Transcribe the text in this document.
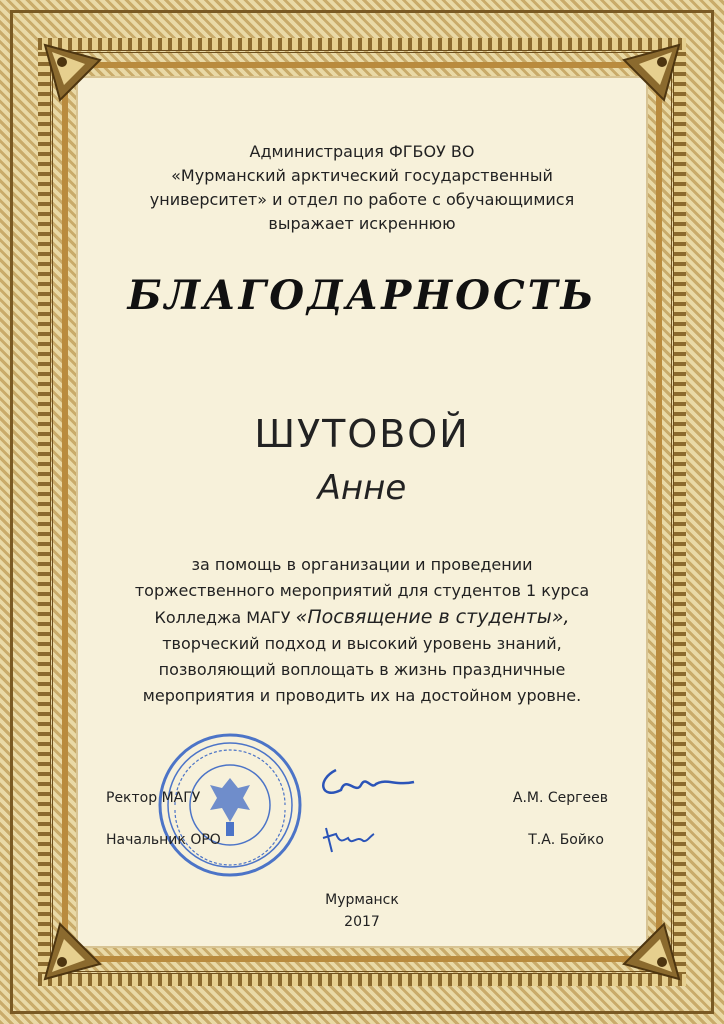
Администрация ФГБОУ ВО
«Мурманский арктический государственный
университет» и отдел по работе с обучающимися
выражает искреннюю
БЛАГОДАРНОСТЬ
ШУТОВОЙ
Анне
за помощь в организации и проведении
торжественного мероприятий для студентов 1 курса
Колледжа МАГУ «Посвящение в студенты»,
творческий подход и высокий уровень знаний,
позволяющий воплощать в жизнь праздничные
мероприятия и проводить их на достойном уровне.
Ректор МАГУ	А.М. Сергеев
Начальник ОРО	Т.А. Бойко
Мурманск
2017
